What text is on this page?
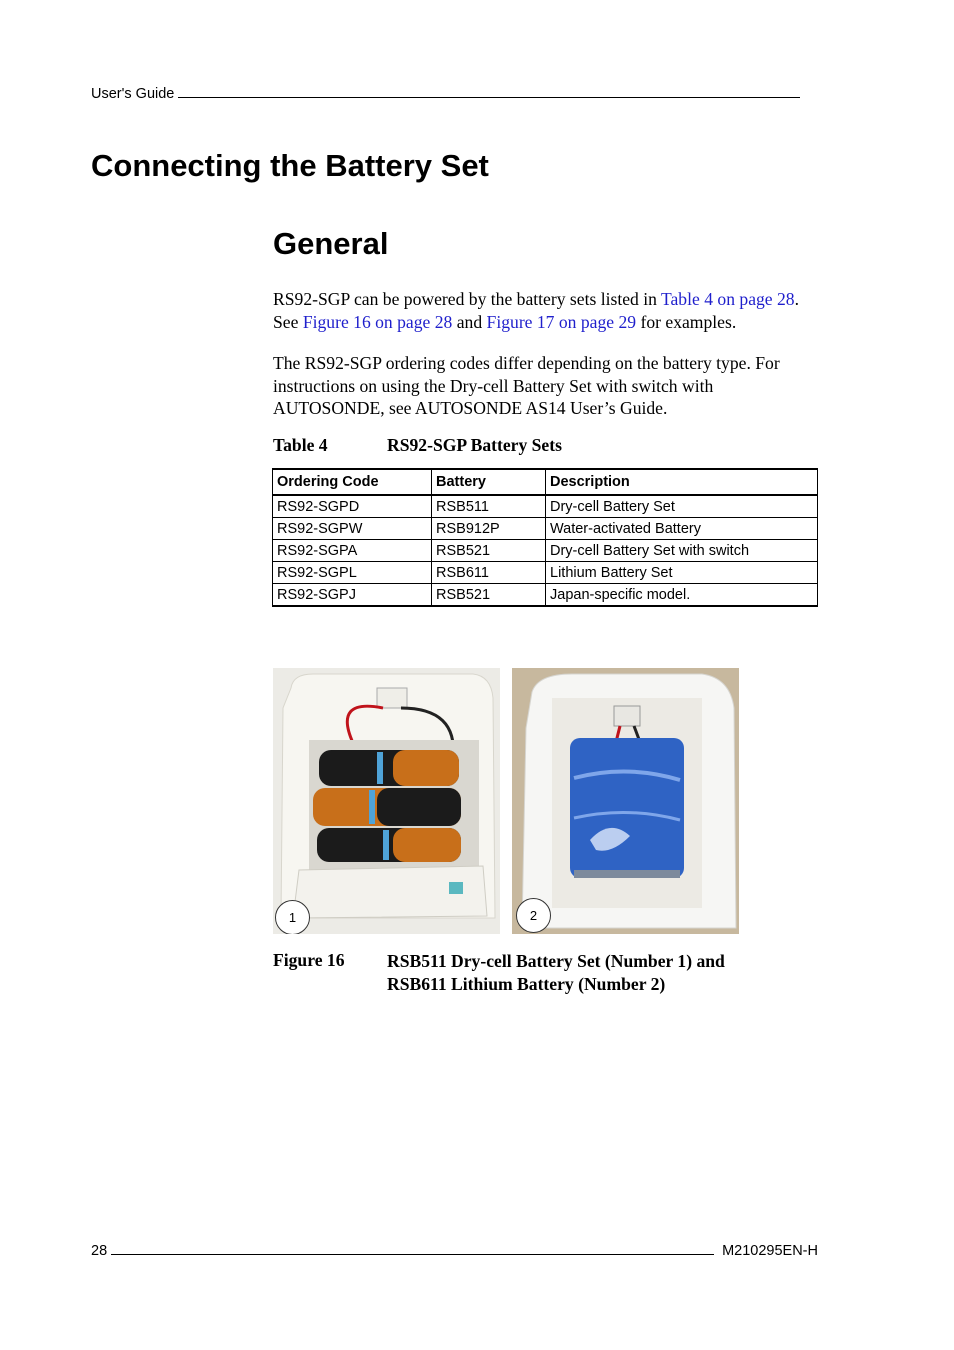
User's Guide
Connecting the Battery Set
General

RS92-SGP can be powered by the battery sets listed in Table 4 on page 28. See Figure 16 on page 28 and Figure 17 on page 29 for examples.

The RS92-SGP ordering codes differ depending on the battery type. For instructions on using the Dry-cell Battery Set with switch with AUTOSONDE, see AUTOSONDE AS14 User’s Guide.

Table 4	RS92-SGP Battery Sets
Ordering Code	Battery	Description
RS92-SGPD	RSB511	Dry-cell Battery Set
RS92-SGPW	RSB912P	Water-activated Battery
RS92-SGPA	RSB521	Dry-cell Battery Set with switch
RS92-SGPL	RSB611	Lithium Battery Set
RS92-SGPJ	RSB521	Japan-specific model.
1	2
Figure 16 RSB511 Dry-cell Battery Set (Number 1) and
RSB611 Lithium Battery (Number 2)
28	M210295EN-H
